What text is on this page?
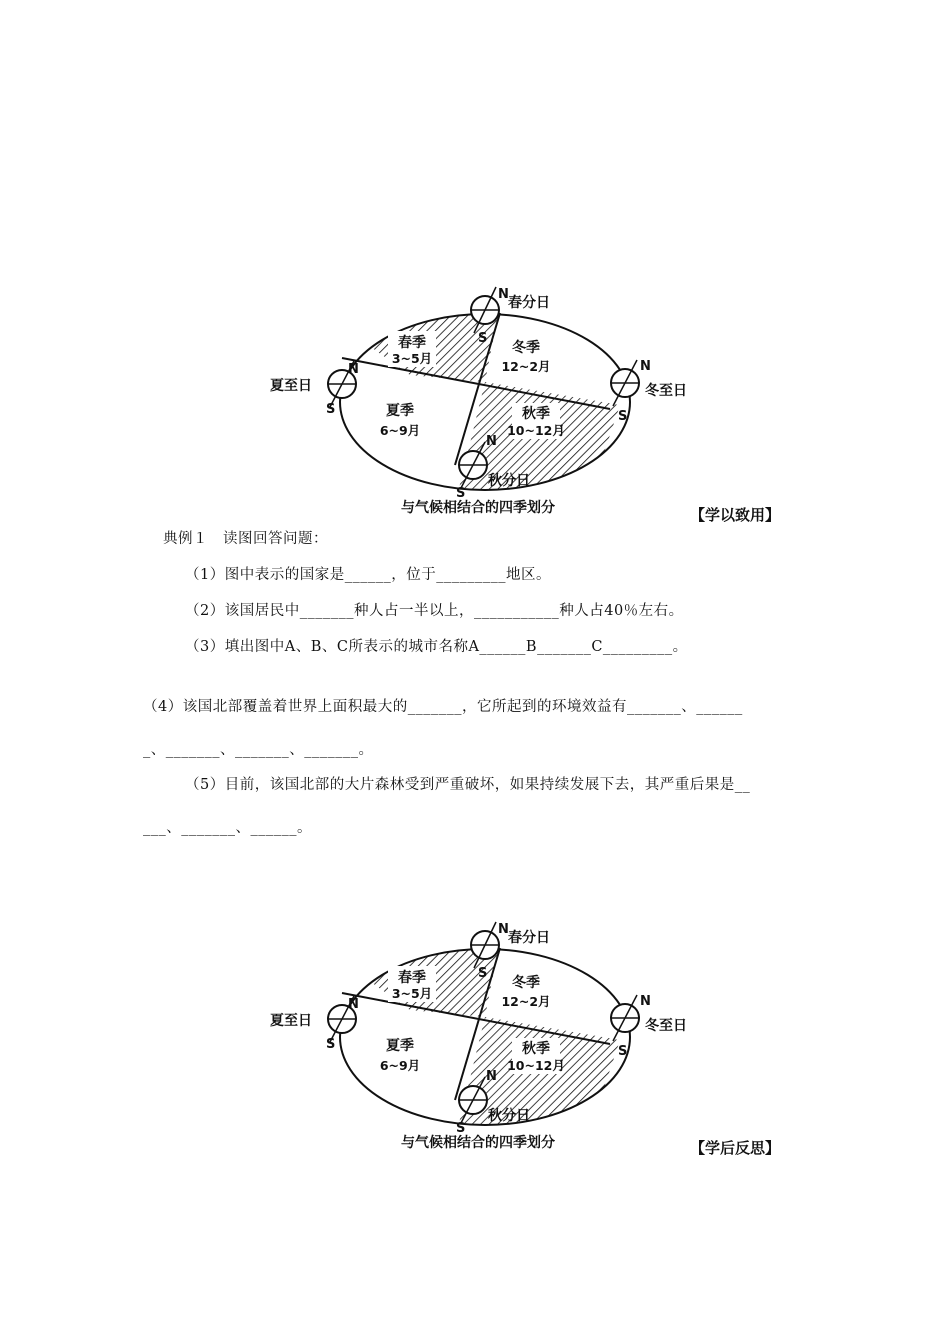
春季
3~5月
冬季
12~2月
夏季
6~9月
秋季
10~12月
N
S
春分日
N
S
夏至日
N
S
冬至日
N
S
秋分日
与气候相结合的四季划分	【学以致用】
典例１　读图回答问题：
（1）图中表示的国家是______，位于_________地区。
（2）该国居民中_______种人占一半以上，___________种人占40％左右。
（3）填出图中A、B、C所表示的城市名称A______B_______C_________。
（4）该国北部覆盖着世界上面积最大的_______，它所起到的环境效益有_______、______
_、_______、_______、_______。
（5）目前，该国北部的大片森林受到严重破坏，如果持续发展下去，其严重后果是__
___、_______、______。
春季
3~5月
冬季
12~2月
夏季
6~9月
秋季
10~12月
N
S
春分日
N
S
夏至日
N
S
冬至日
N
S
秋分日
与气候相结合的四季划分	【学后反思】
